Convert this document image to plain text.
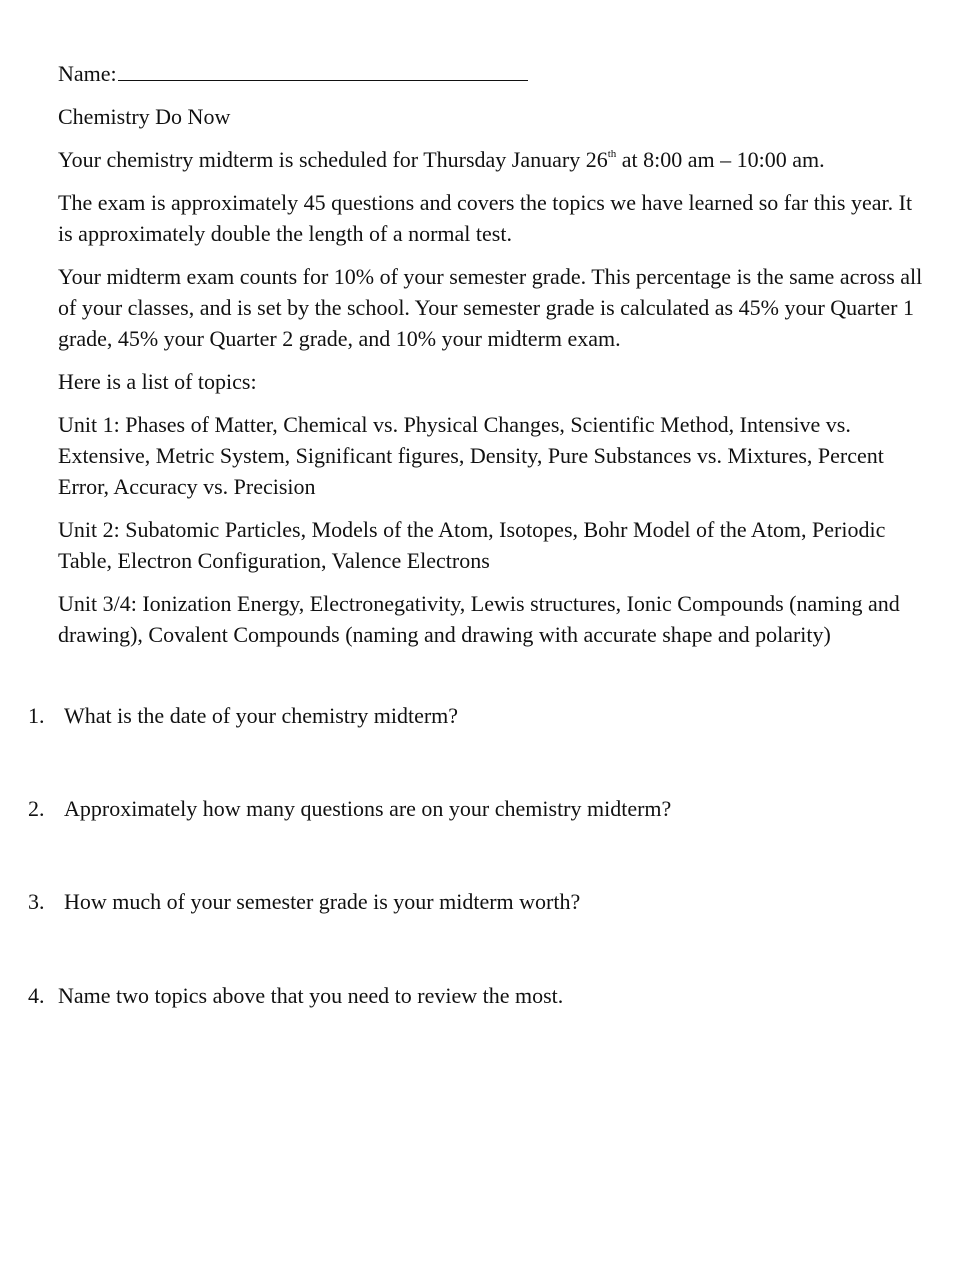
Name:

Chemistry Do Now

Your chemistry midterm is scheduled for Thursday January 26th at 8:00 am – 10:00 am.

The exam is approximately 45 questions and covers the topics we have learned so far this year. It is approximately double the length of a normal test.

Your midterm exam counts for 10% of your semester grade. This percentage is the same across all of your classes, and is set by the school. Your semester grade is calculated as 45% your Quarter 1 grade, 45% your Quarter 2 grade, and 10% your midterm exam.

Here is a list of topics:

Unit 1: Phases of Matter, Chemical vs. Physical Changes, Scientific Method, Intensive vs. Extensive, Metric System, Significant figures, Density, Pure Substances vs. Mixtures, Percent Error, Accuracy vs. Precision

Unit 2: Subatomic Particles, Models of the Atom, Isotopes, Bohr Model of the Atom, Periodic Table, Electron Configuration, Valence Electrons

Unit 3/4: Ionization Energy, Electronegativity, Lewis structures, Ionic Compounds (naming and drawing), Covalent Compounds (naming and drawing with accurate shape and polarity)

1. What is the date of your chemistry midterm?
2. Approximately how many questions are on your chemistry midterm?
3. How much of your semester grade is your midterm worth?
4. Name two topics above that you need to review the most.
